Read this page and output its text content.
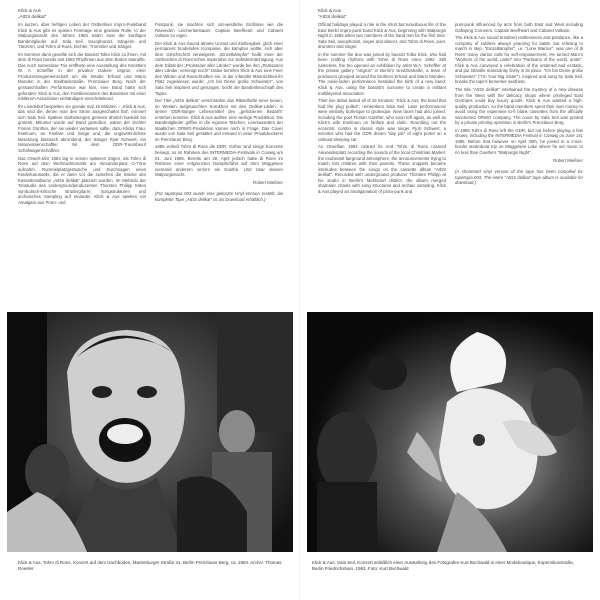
Klick & Aus
„AIDS delikat“

Im kurzen, aber heftigen Leben der Ostberliner Impro-Punkband Klick & Aus gibt es spielen Feiertage eine gewisse Rolle. In der Walpurgisnacht des Jahres 1983 traten zwei der künftigen Bandmitglieder auf. Sala Seil, Saxophonist, Sängerin und Tänzerin, und Tohm di Roes, Dichter, Trommler und Sänger.

Im Sommer dann gesellte sich der Bassist Tolko Klick zu ihnen, mit dem di Roes bereits seit 1982 Rhythmen aus dem Boden stampfte. Das noch namenlose Trio eröffnete eine Ausstellung des Künstlers W. A. Scheffler in der privaten Galerie rotgrün, einer Produzentengemeinschaft um die Brüder Erhard und Mario Monden in der Stedbückstraße, Prenzlauer Berg. Nach der geräuschhaften Performance war klar, eine Band hatte sich gefunden: Klick & Aus, den Familiennamen des Bassisten mit einer mittlerem Assoziation einhändigen verschränkend.

Ihr Livedebüt bespielten sie gerade mal 15 Minuten – „Klick & Aus, das sind die, denen man den Strom ausgeschaltet hat“, erinnert sich Sala Seil. Spätere Darbietungen gerieten ähnlich bunkisk bis grotesk. Mitunter wurde auf Band gestoßen, wären der Dichter Florian Günther, der sie wieder verlassen sollte, dazu Klicks Frau, Evelinum, an Fanfare und Geige und, die ungewöhnlichste Besetzung klassisch abrundend, der Sänger Pjotr Schwert, ein Naturwissenschaftler mit dem DDR-Traumberuf Schafwagenschaffner.

Das Orwell-Jahr 1984 lag in seinen späteren Zügen, als Tohm di Roes auf dem Weihnachtsmarkt am Alexanderplatz O-Töne aufnahm, Rummelplatzgeräusche und Durchsagen eines Kinderkarussells, die er dann vor die zwischen die Stücke des Kassettenalbums „AIDS delikat“ platziert wurden. Im Mehlsilo der Tonstudio des Undergroundproduzenten Thorsten Philipp traten symbolisch-kritische Brüdergitarre, Songstrukturen und archaisches Sampling auf einander. Klick & Aus spielten ein Amalgam aus Proto- und

Postpunk, sie machten sich ost-westliche Einflüsse wie die Ravenden Leichenbestauer, Captain Beefheart und Cabaret Voltaire zu eigen.

Der Klick & Aus-Sound atmete Unrast und Ziellosigkeit, glich einer permanent brodelnden Kompanie, die kämpfen wollte, sich aber dem Gleichschritt verweigerte. „Einzelkämpfer“ heißt einer der zahlreichen di Roes'schen Imperative zur Selbstermächtigung. Aus dem Diktat der „Proletarier aller Länder“ wurde bei ihm „Partisanen aller Länder, vereinigt euch!“ Dabei beriefen Klick & Aus eine Feier des Wilden und Rauschhaften ein, in der infantiler Männlichkeit ihr Platz zugewiesen wurde: „Ich bin Deine große Schwester“, von Sala Seil inspiriert und gesungen, bricht die Bandenkeuchsaft des Tapes.

Der Titel „AIDS delikat“ verschränkte das Rätselhafte einer neuen, im Westen aufgetauchten Krankheit mit den Delikat-Läden, in denen DDR-Bürger Lebensmittel des „gehobenen Bedarfs“ erstehen konnten. Klick & Aus wollten eine wertige Produktion. Die Bandmitglieder griffen in die eigenen Taschen, Leerkassetten der staatlichen ORWO-Produktion kamen noch in Frage. Das Cover wurde von Sala Seil gestaltet und erstand in einer Privatdruckerei im Prenzlauer Berg.

1985 verließ Tohm di Roes die DDR. Vorher sind einige Konzerte besiegt, so im Rahmen des INTERMEDIA-Festivals in Coswig am 01. Juni 1985. Bereits am 30. April jedoch hatte di Roes im Rahmen einer entgrenzten Dampferfahrt auf dem Müggelsee niemand anderem verlorn als Goethe. Und zwar dessen Walpurgisnacht.

Robert Mießner

(Für tapetopia 003 wurde eine gekürzte Vinyl-Version erstellt; die komplette Tape „AIDS delikat“ ist als Download erhältlich.)

Klick & Aus
“AIDS delikat”

Official holidays played a role in the short but tumultuous life of the East Berlin impro-punk band Klick & Aus, beginning with Walpurgis Night in 1983 when two members of the band met for the first time: Sala Seil, saxophonist, singer and dancer, and Tohm di Roes, poet, drummer and singer.

In the summer the duo was joined by bassist Tolko Klick, who had been crafting rhythms with Tohm di Roes since 1982. Still nameless, the trio opened an exhibition by artist W.A. Scheffler at the private gallery “rotgrün” in Berlin's Sredzkistraße, a team of producers grouped around the brothers Erhard and Mario Monden. The noise-laden performance heralded the birth of a new band: Klick & Aus, using the bassist's surname to create a militant multilayered association.

Their live debut lasted all of 15 minutes: “Klick & Aus, the band that had the plug pulled”, remembers Sala Seil. Later performances were similarly burlesque to grotesque. New faces had also joined, including the poet Florian Günther, who soon left again, as well as Klick's wife Evelinum on fanfare and violin. Rounding out the eccentric combo in classic style was singer Pjotr Schwert, a scientist who had the GDR dream “day job” of night porter on a railroad sleeping car.

As Orwellian 1984 neared its end Tohm di Roes roamed Alexanderplatz recording the sounds of the local Christmas Market: the exuberant fairground atmosphere, the announcements trying to match lost children with their parents. These snippets became interludes between the songs on the cassette album “AIDS delikat”. Recorded with underground producer Thorsten Philipp at his studio in Berlin's Mehlsdorf district, the album merged shamanic chants with song structures and archaic sampling. Klick & Aus played an amalgamation of proto-punk and

post-punk influenced by acts from both East and West including Galloping Coroners, Captain Beefheart and Cabaret Voltaire.

The Klick & Aus sound breathed restlessness and petulance, like a company of soldiers always yearning for battle, but refusing to march in step. “Einzelkämpfer”, i.e. “Lone Warrior”, was one of di Roes' many clarion calls for self-empowerment. He turned Marx's “Workers of the world, unite!” into “Partisans of the world, unite!”. Klick & Aus conveyed a celebration of the untamed and ecstatic, and put infantile masculinity firmly in its place. “Ich bin Deine große Schwester” (“I'm Your Big Sister”), inspired and sung by Sala Seil, breaks the tape's berserker aesthetic.

The title “AIDS delikat” intertwined the mystery of a new disease from the West with the delicacy shops where privileged East Germans could buy luxury goods. Klick & Aus wanted a high-quality production, so the band members spent their own money to avoid using the expensive to-fi blank cassettes from the officially sanctioned ORWO company. The cover by Sala Seil was printed by a private printing operation in Berlin's Prenzlauer Berg.

In 1985 Tohm di Roes left the GDR, but not before playing a few shows, including the INTERMEDIA Festival in Coswig on June 1st, 1985. Before that however on April 30th, he joined in a cross-border steamboat trip on Müggelsee Lake where he set music to no less than Goethe's “Walpurgis Night”.

Robert Mießner

(A shortened vinyl version of the tape has been compiled for tapetopia 003. The entire “AIDS delikat” tape album is available for download.)

Klick & Aus, Tohm di Roes, Konzert auf dem Dachboden, Marienburger Straße 31, Berlin Prenzlauer Berg, ca. 1984. Archiv: Thomas Roesler
Klick & Aus, Sala Seil, Konzert anläßlich einer Ausstellung des Fotografen Kurt Buchwald in einer Modeboutique, Kopernikusstraße, Berlin Friedrichshain, 1983. Foto: Kurt Buchwald
